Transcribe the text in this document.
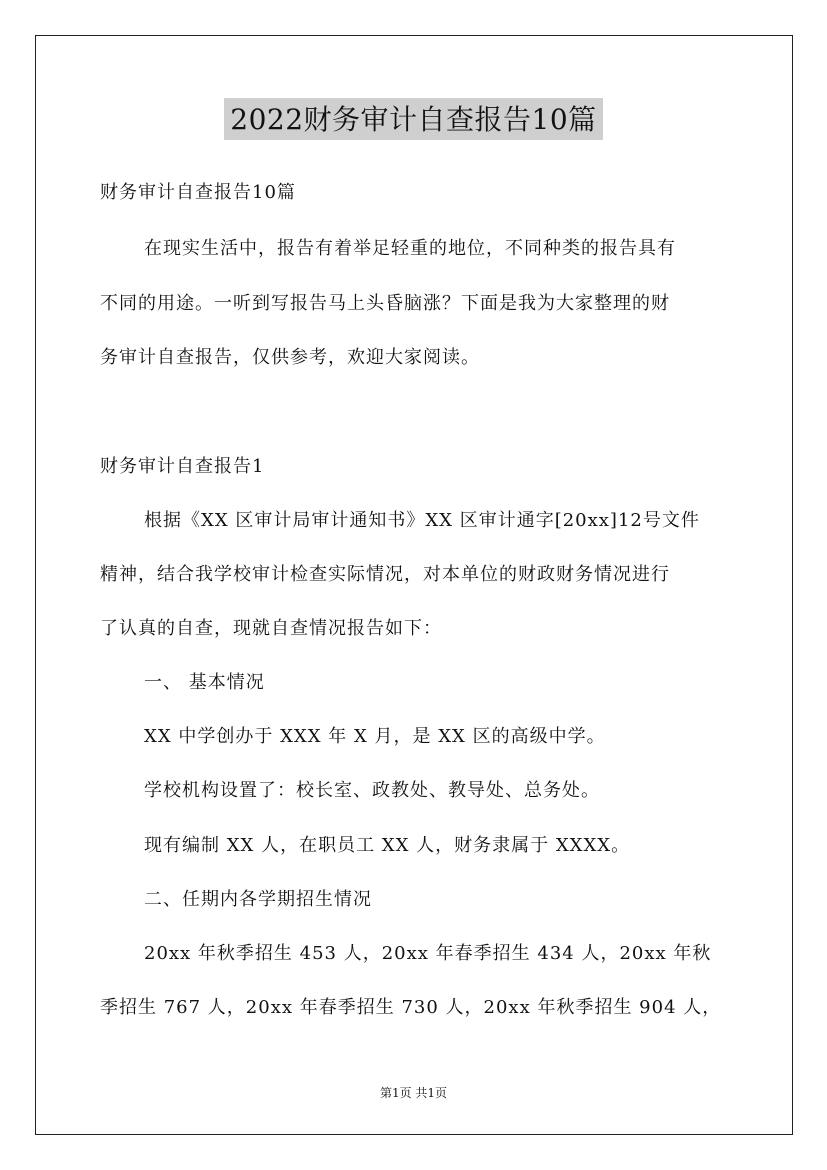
2022财务审计自查报告10篇
财务审计自查报告10篇
在现实生活中，报告有着举足轻重的地位，不同种类的报告具有
不同的用途。一听到写报告马上头昏脑涨？下面是我为大家整理的财
务审计自查报告，仅供参考，欢迎大家阅读。
财务审计自查报告1
根据《XX 区审计局审计通知书》XX 区审计通字[20xx]12号文件
精神，结合我学校审计检查实际情况，对本单位的财政财务情况进行
了认真的自查，现就自查情况报告如下：
一、 基本情况
XX 中学创办于 XXX 年 X 月，是 XX 区的高级中学。
学校机构设置了：校长室、政教处、教导处、总务处。
现有编制 XX 人，在职员工 XX 人，财务隶属于 XXXX。
二、任期内各学期招生情况
20xx 年秋季招生 453 人，20xx 年春季招生 434 人，20xx 年秋
季招生 767 人，20xx 年春季招生 730 人，20xx 年秋季招生 904 人，
第1页 共1页
